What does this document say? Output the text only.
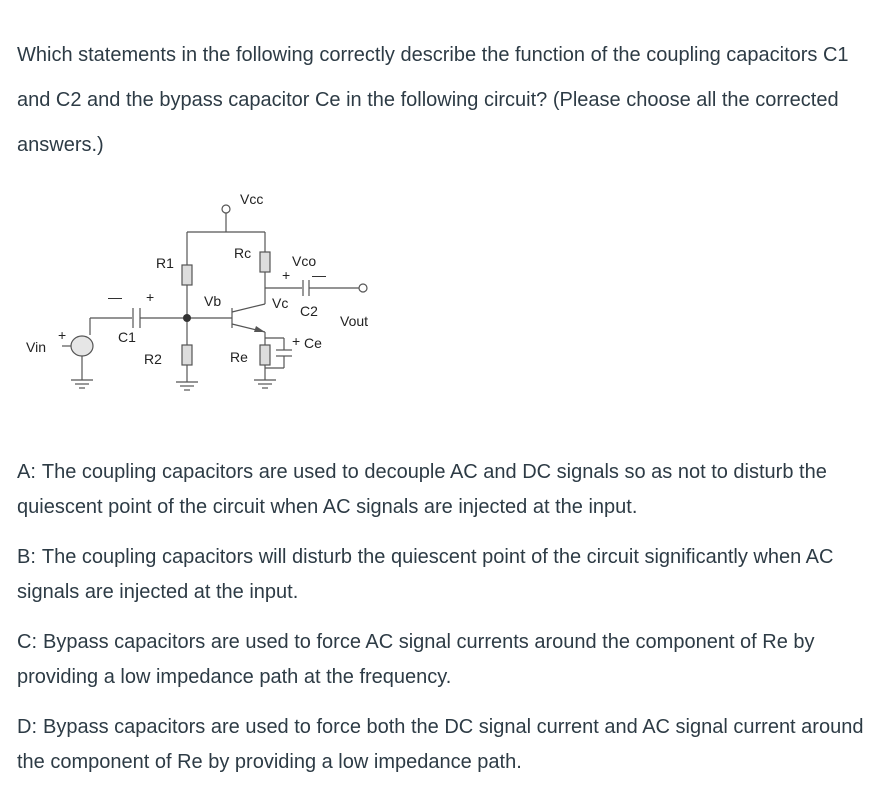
Which statements in the following correctly describe the function of the coupling capacitors C1 and C2 and the bypass capacitor Ce in the following circuit? (Please choose all the corrected answers.)

Vcc
Rc	Vco
R1
Vb	Vc C2
Vout
C1
Vin
R2	Re
Ce
— +
+ —
+	+

A: The coupling capacitors are used to decouple AC and DC signals so as not to disturb the quiescent point of the circuit when AC signals are injected at the input.

B: The coupling capacitors will disturb the quiescent point of the circuit significantly when AC signals are injected at the input.

C: Bypass capacitors are used to force AC signal currents around the component of Re by providing a low impedance path at the frequency.

D: Bypass capacitors are used to force both the DC signal current and AC signal current around the component of Re by providing a low impedance path.
